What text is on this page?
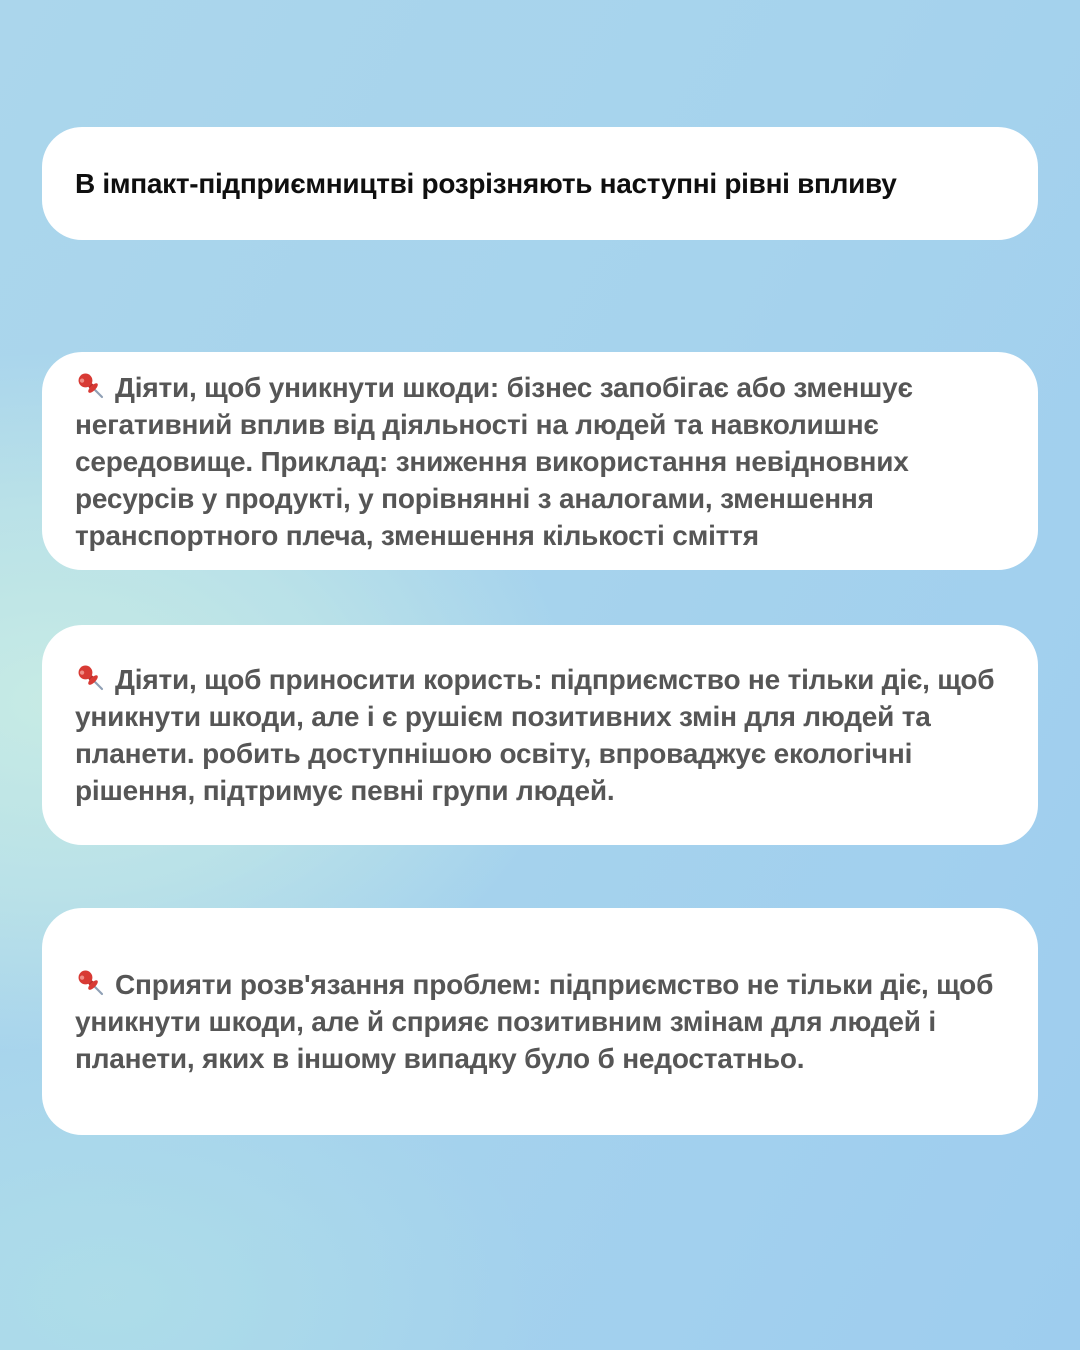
В імпакт-підприємництві розрізняють наступні рівні впливу

Діяти, щоб уникнути шкоди: бізнес запобігає або зменшує негативний вплив від діяльності на людей та навколишнє середовище. Приклад: зниження використання невідновних ресурсів у продукті, у порівнянні з аналогами, зменшення транспортного плеча, зменшення кількості сміття

Діяти, щоб приносити користь: підприємство не тільки діє, щоб уникнути шкоди, але і є рушієм позитивних змін для людей та планети. робить доступнішою освіту, впроваджує екологічні рішення, підтримує певні групи людей.

Сприяти розв'язання проблем: підприємство не тільки діє, щоб уникнути шкоди, але й сприяє позитивним змінам для людей і планети, яких в іншому випадку було б недостатньо.
